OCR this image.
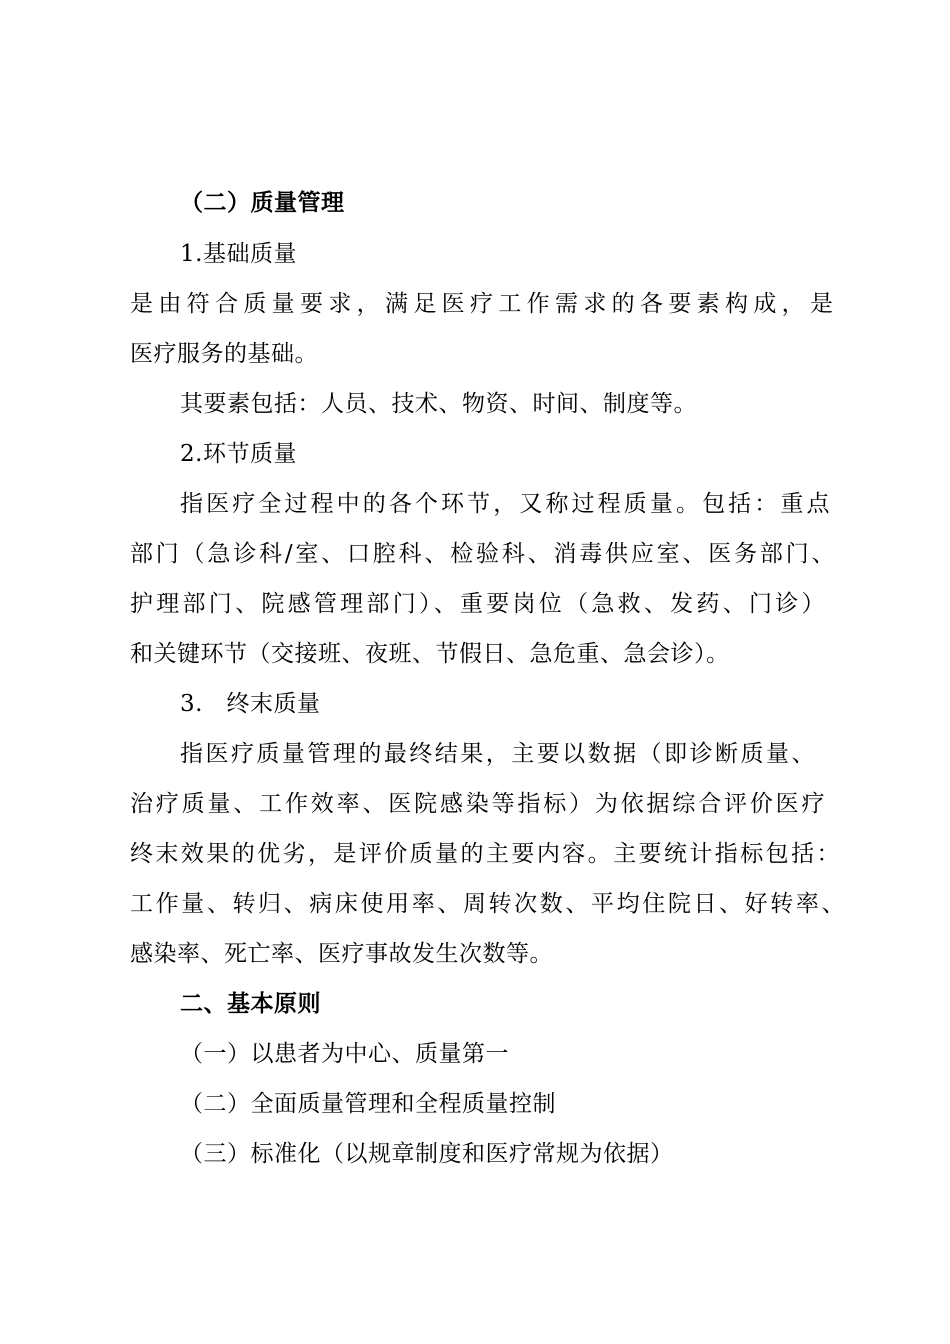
（二）质量管理
1.基础质量
是由符合质量要求，满足医疗工作需求的各要素构成，是
医疗服务的基础。
其要素包括：人员、技术、物资、时间、制度等。
2.环节质量
指医疗全过程中的各个环节，又称过程质量。包括：重点
部门（急诊科/室、口腔科、检验科、消毒供应室、医务部门、
护理部门、院感管理部门）、重要岗位（急救、发药、门诊）
和关键环节（交接班、夜班、节假日、急危重、急会诊）。
3.　终末质量
指医疗质量管理的最终结果，主要以数据（即诊断质量、
治疗质量、工作效率、医院感染等指标）为依据综合评价医疗
终末效果的优劣，是评价质量的主要内容。主要统计指标包括：
工作量、转归、病床使用率、周转次数、平均住院日、好转率、
感染率、死亡率、医疗事故发生次数等。
二、基本原则
（一）以患者为中心、质量第一
（二）全面质量管理和全程质量控制
（三）标准化（以规章制度和医疗常规为依据）
